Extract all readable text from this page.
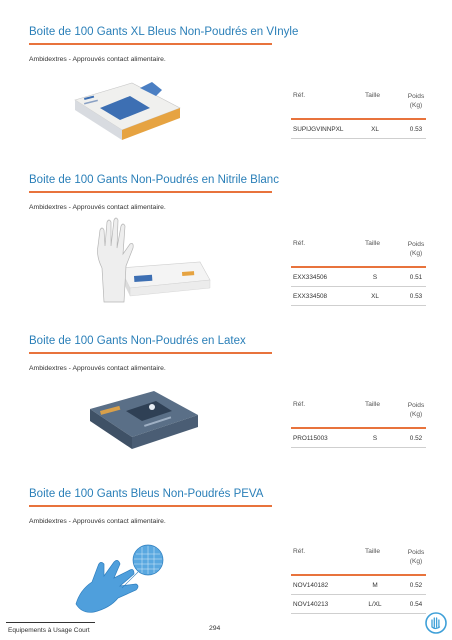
Boite de 100 Gants XL Bleus Non-Poudrés en VInyle
Ambidextres - Approuvés contact alimentaire.
Réf.	Taille	Poids
(Kg)
SUPIJGVINNPXL	XL	0.53
Boite de 100 Gants Non-Poudrés en Nitrile Blanc
Ambidextres - Approuvés contact alimentaire.
Réf.	Taille	Poids
(Kg)
EXX334506	S	0.51
EXX334508	XL	0.53
Boite de 100 Gants Non-Poudrés en Latex
Ambidextres - Approuvés contact alimentaire.
Réf.	Taille	Poids
(Kg)
PRO115003	S	0.52
Boite de 100 Gants Bleus Non-Poudrés PEVA
Ambidextres - Approuvés contact alimentaire.
Réf.	Taille	Poids
(Kg)
NOV140182	M	0.52
NOV140213	L/XL	0.54
Equipements à Usage Court	294
